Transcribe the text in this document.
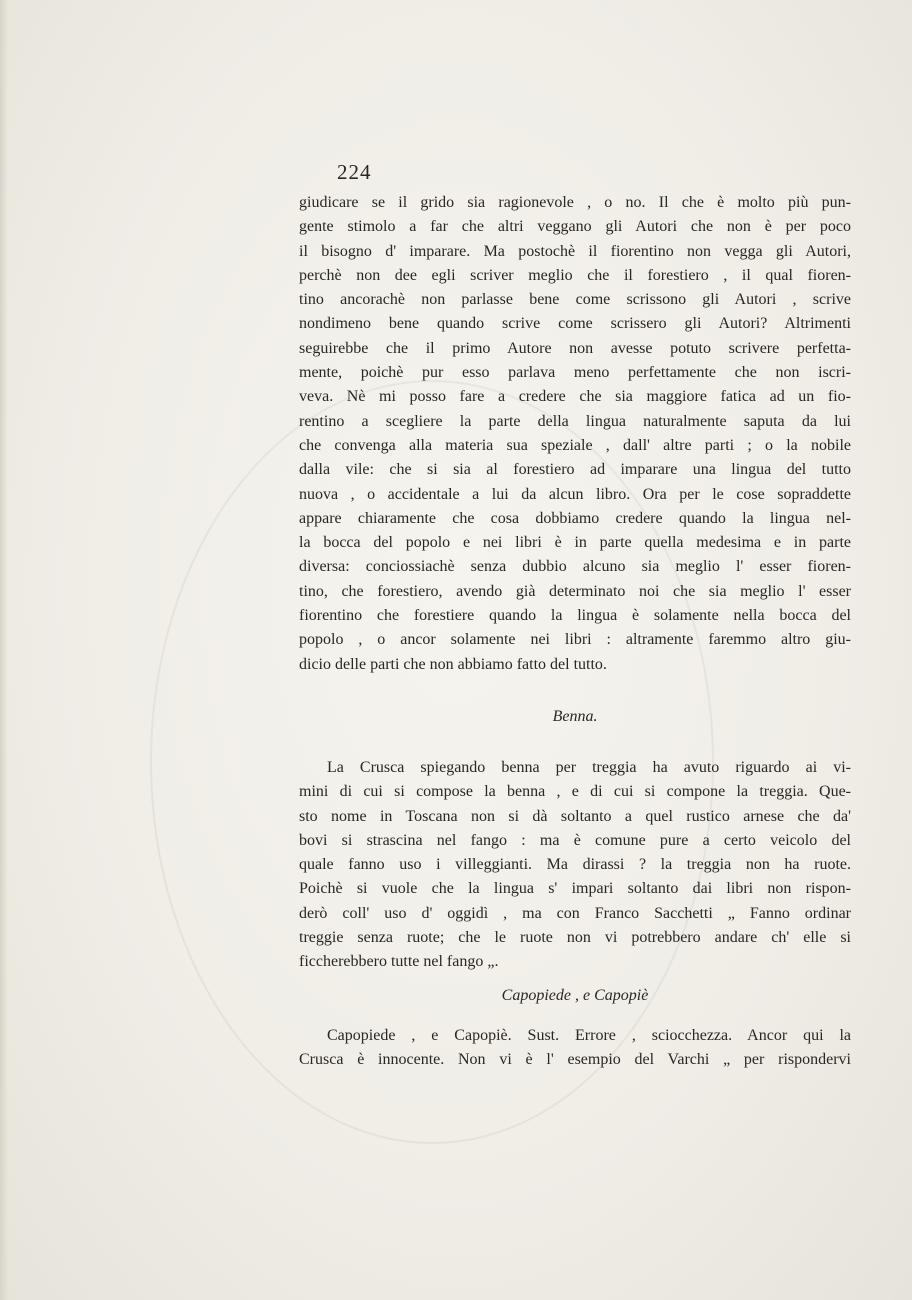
224
giudicare se il grido sia ragionevole , o no. Il che è molto più pun-
gente stimolo a far che altri veggano gli Autori che non è per poco
il bisogno d' imparare. Ma postochè il fiorentino non vegga gli Autori,
perchè non dee egli scriver meglio che il forestiero , il qual fioren-
tino ancorachè non parlasse bene come scrissono gli Autori , scrive
nondimeno bene quando scrive come scrissero gli Autori? Altrimenti
seguirebbe che il primo Autore non avesse potuto scrivere perfetta-
mente, poichè pur esso parlava meno perfettamente che non iscri-
veva. Nè mi posso fare a credere che sia maggiore fatica ad un fio-
rentino a scegliere la parte della lingua naturalmente saputa da lui
che convenga alla materia sua speziale , dall' altre parti ; o la nobile
dalla vile: che si sia al forestiero ad imparare una lingua del tutto
nuova , o accidentale a lui da alcun libro. Ora per le cose sopraddette
appare chiaramente che cosa dobbiamo credere quando la lingua nel-
la bocca del popolo e nei libri è in parte quella medesima e in parte
diversa: conciossiachè senza dubbio alcuno sia meglio l' esser fioren-
tino, che forestiero, avendo già determinato noi che sia meglio l' esser
fiorentino che forestiere quando la lingua è solamente nella bocca del
popolo , o ancor solamente nei libri : altramente faremmo altro giu-
dicio delle parti che non abbiamo fatto del tutto.
Benna.
La Crusca spiegando benna per treggia ha avuto riguardo ai vi-
mini di cui si compose la benna , e di cui si compone la treggia. Que-
sto nome in Toscana non si dà soltanto a quel rustico arnese che da'
bovi si strascina nel fango : ma è comune pure a certo veicolo del
quale fanno uso i villeggianti. Ma dirassi ? la treggia non ha ruote.
Poichè si vuole che la lingua s' impari soltanto dai libri non rispon-
derò coll' uso d' oggidì , ma con Franco Sacchetti „ Fanno ordinar
treggie senza ruote; che le ruote non vi potrebbero andare ch' elle si
ficcherebbero tutte nel fango „.
Capopiede , e Capopiè
Capopiede , e Capopiè. Sust. Errore , sciocchezza. Ancor qui la
Crusca è innocente. Non vi è l' esempio del Varchi „ per rispondervi
